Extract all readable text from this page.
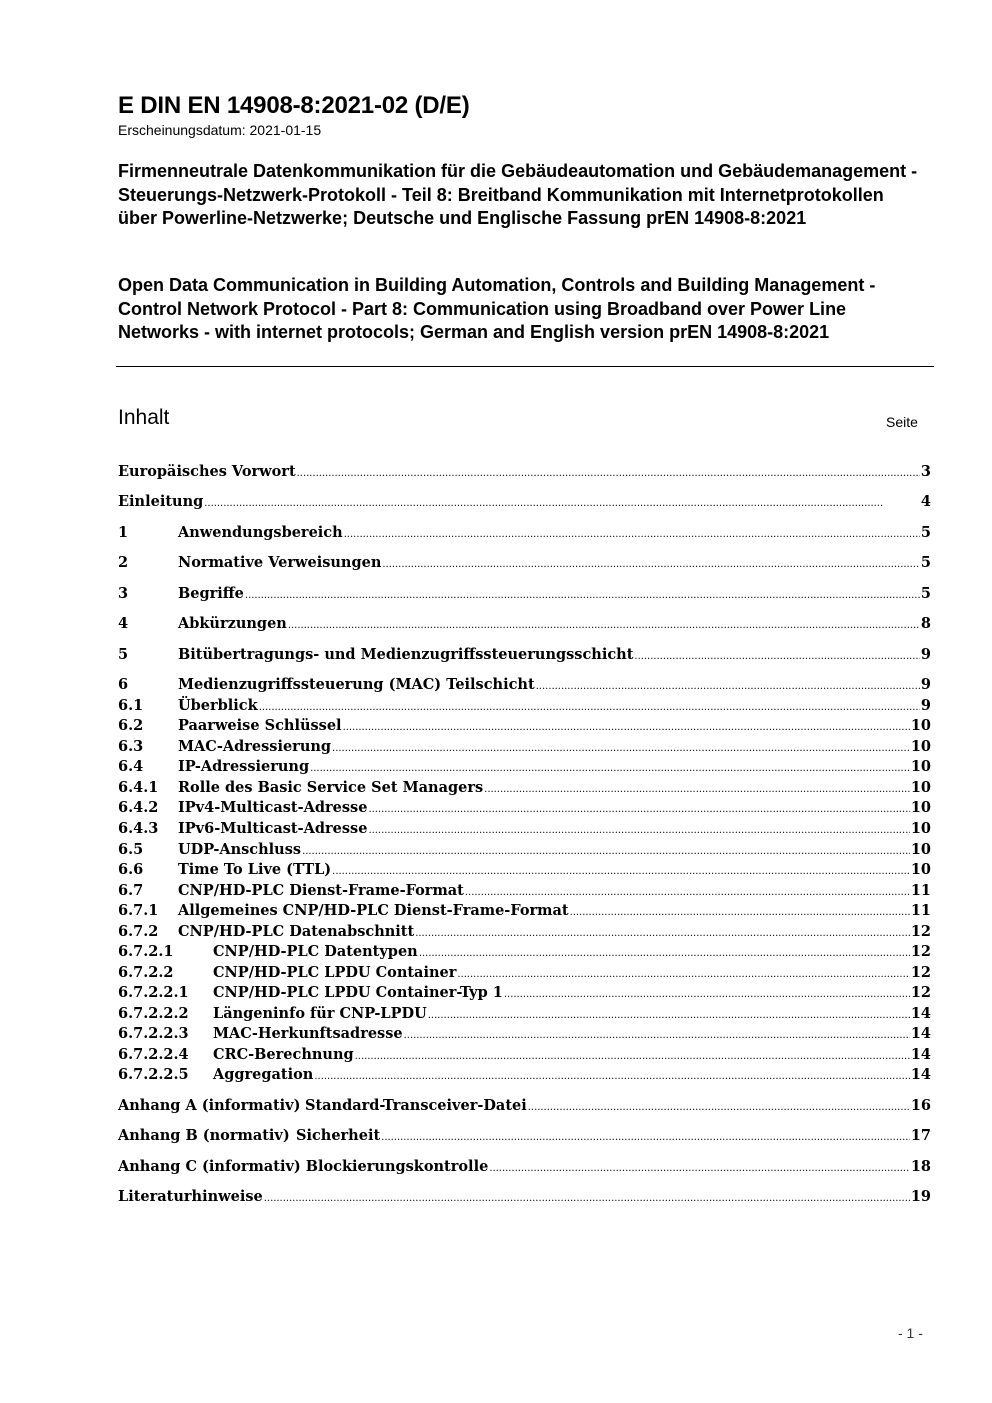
E DIN EN 14908-8:2021-02 (D/E)
Erscheinungsdatum: 2021-01-15
Firmenneutrale Datenkommunikation für die Gebäudeautomation und Gebäudemanagement - Steuerungs-Netzwerk-Protokoll - Teil 8: Breitband Kommunikation mit Internetprotokollen über Powerline-Netzwerke; Deutsche und Englische Fassung prEN 14908-8:2021
Open Data Communication in Building Automation, Controls and Building Management - Control Network Protocol - Part 8: Communication using Broadband over Power Line Networks - with internet protocols; German and English version prEN 14908-8:2021
Inhalt	Seite
Europäisches Vorwort . . .	3
Einleitung . . .	4
1	Anwendungsbereich . . .	5
2	Normative Verweisungen . . .	5
3	Begriffe . . .	5
4	Abkürzungen . . .	8
5	Bitübertragungs- und Medienzugriffssteuerungsschicht . . .	9
6	Medienzugriffssteuerung (MAC) Teilschicht . . .	9
6.1	Überblick . . .	9
6.2	Paarweise Schlüssel . . .	10
6.3	MAC-Adressierung . . .	10
6.4	IP-Adressierung . . .	10
6.4.1	Rolle des Basic Service Set Managers . . .	10
6.4.2	IPv4-Multicast-Adresse . . .	10
6.4.3	IPv6-Multicast-Adresse . . .	10
6.5	UDP-Anschluss . . .	10
6.6	Time To Live (TTL) . . .	10
6.7	CNP/HD-PLC Dienst-Frame-Format . . .	11
6.7.1	Allgemeines CNP/HD-PLC Dienst-Frame-Format . . .	11
6.7.2	CNP/HD-PLC Datenabschnitt . . .	12
6.7.2.1	CNP/HD-PLC Datentypen . . .	12
6.7.2.2	CNP/HD-PLC LPDU Container . . .	12
6.7.2.2.1	CNP/HD-PLC LPDU Container-Typ 1 . . .	12
6.7.2.2.2	Längeninfo für CNP-LPDU . . .	14
6.7.2.2.3	MAC-Herkunftsadresse . . .	14
6.7.2.2.4	CRC-Berechnung . . .	14
6.7.2.2.5	Aggregation . . .	14
Anhang A (informativ) Standard-Transceiver-Datei . . .	16
Anhang B (normativ) Sicherheit . . .	17
Anhang C (informativ) Blockierungskontrolle . . .	18
Literaturhinweise . . .	19
- 1 -
